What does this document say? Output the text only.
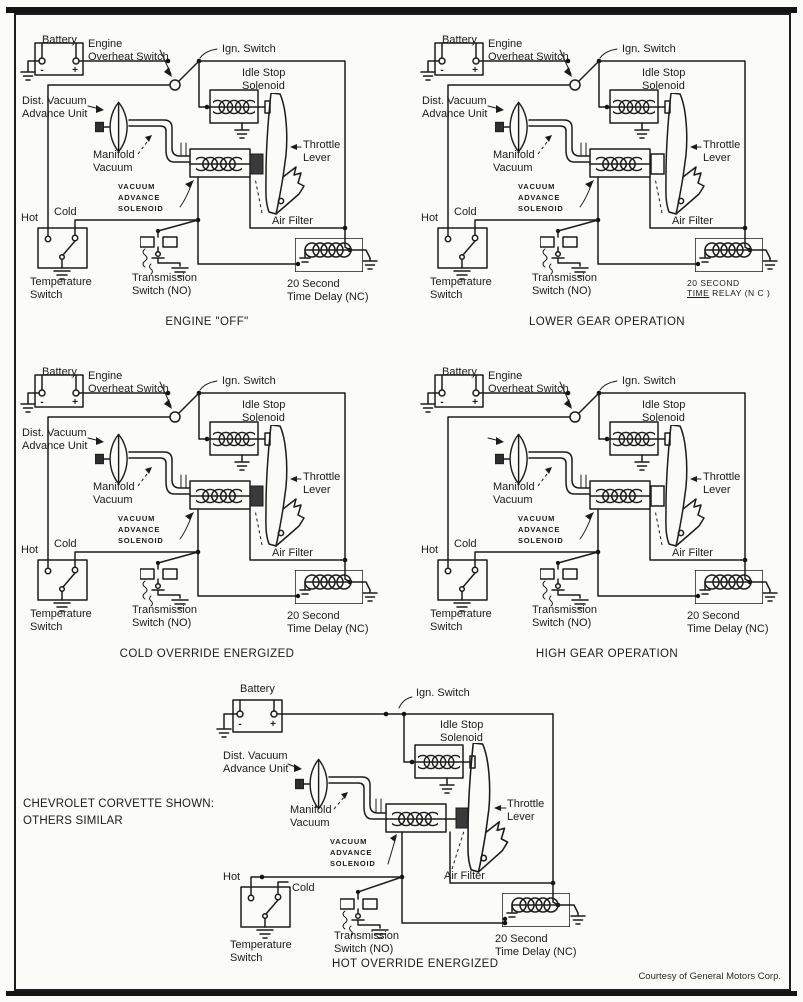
-	+
Battery Engine
Overheat Switch
Ign. Switch
Idle Stop
Solenoid
Dist. Vacuum
Advance Unit
Throttle
Lever
Manifold
Vacuum
VACUUM
ADVANCE
SOLENOID
Air Filter
Hot Cold
Temperature
Switch
Transmission
Switch (NO)
20 Second
Time Delay (NC)
ENGINE "OFF"
-	+
Battery Engine
Overheat Switch
Ign. Switch
Idle Stop
Solenoid
Dist. Vacuum
Advance Unit
Throttle
Lever
Manifold
Vacuum
VACUUM
ADVANCE
SOLENOID
Air Filter
Hot Cold
Temperature
Switch
Transmission
Switch (NO)
20 SECOND
TIME RELAY (N C )
LOWER GEAR OPERATION
-	+
Battery Engine
Overheat Switch
Ign. Switch
Idle Stop
Solenoid
Dist. Vacuum
Advance Unit
Throttle
Lever
Manifold
Vacuum
VACUUM
ADVANCE
SOLENOID
Air Filter
Hot Cold
Temperature
Switch
Transmission
Switch (NO)
20 Second
Time Delay (NC)
COLD OVERRIDE ENERGIZED
-	+
Battery Engine
Overheat Switch
Ign. Switch
Idle Stop
Solenoid
Throttle
Lever
Manifold
Vacuum
VACUUM
ADVANCE
SOLENOID
Air Filter
Hot Cold
Temperature
Switch
Transmission
Switch (NO)
20 Second
Time Delay (NC)
HIGH GEAR OPERATION
-	+
Battery	Ign. Switch
Idle Stop
Solenoid
Dist. Vacuum
Advance Unit
Manifold
Vacuum
VACUUM
ADVANCE
SOLENOID
Throttle
Lever
Air Filter
Hot
Cold
Temperature
Switch
Transmission
Switch (NO)
20 Second
Time Delay (NC)
HOT OVERRIDE ENERGIZED
CHEVROLET CORVETTE SHOWN:
OTHERS SIMILAR
Courtesy of General Motors Corp.
